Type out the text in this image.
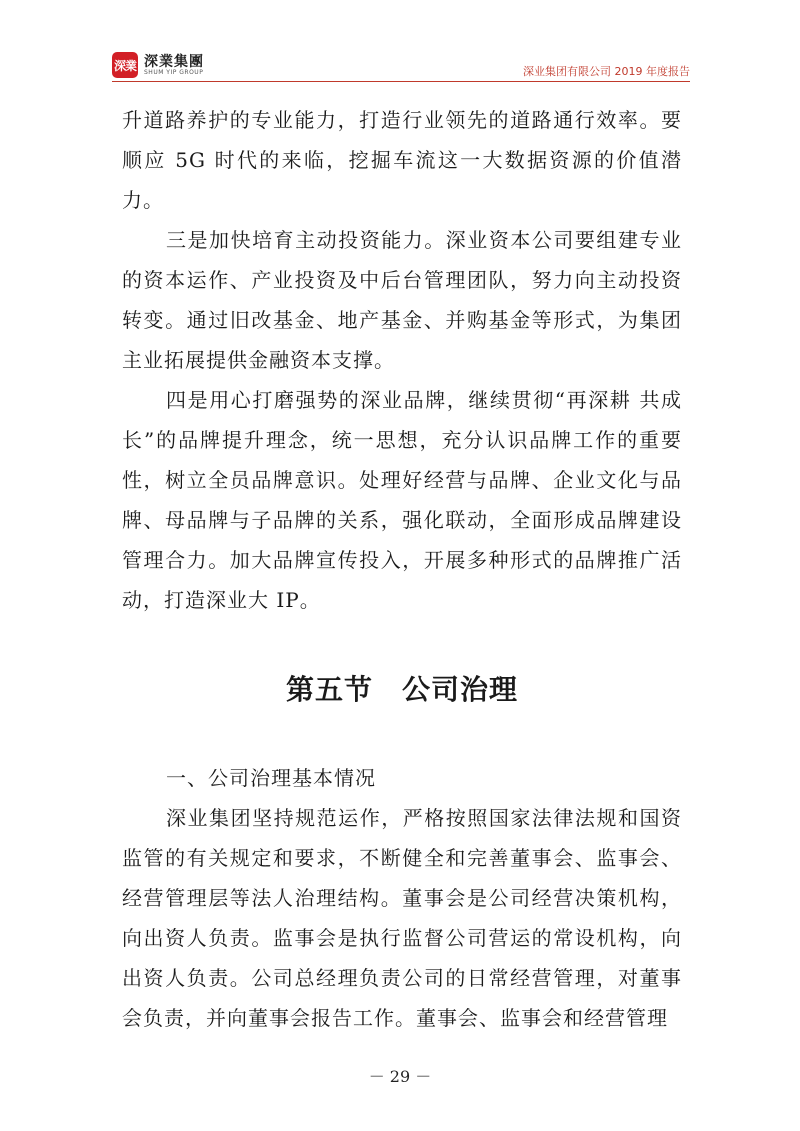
深業 深業集團
SHUM YIP GROUP	深业集团有限公司 2019 年度报告

升道路养护的专业能力，打造行业领先的道路通行效率。要顺应 5G 时代的来临，挖掘车流这一大数据资源的价值潜力。

三是加快培育主动投资能力。深业资本公司要组建专业的资本运作、产业投资及中后台管理团队，努力向主动投资转变。通过旧改基金、地产基金、并购基金等形式，为集团主业拓展提供金融资本支撑。

四是用心打磨强势的深业品牌，继续贯彻“再深耕 共成长”的品牌提升理念，统一思想，充分认识品牌工作的重要性，树立全员品牌意识。处理好经营与品牌、企业文化与品牌、母品牌与子品牌的关系，强化联动，全面形成品牌建设管理合力。加大品牌宣传投入，开展多种形式的品牌推广活动，打造深业大 IP。

第五节　公司治理
一、公司治理基本情况

深业集团坚持规范运作，严格按照国家法律法规和国资监管的有关规定和要求，不断健全和完善董事会、监事会、经营管理层等法人治理结构。董事会是公司经营决策机构，向出资人负责。监事会是执行监督公司营运的常设机构，向出资人负责。公司总经理负责公司的日常经营管理，对董事会负责，并向董事会报告工作。董事会、监事会和经营管理

－ 29 －
